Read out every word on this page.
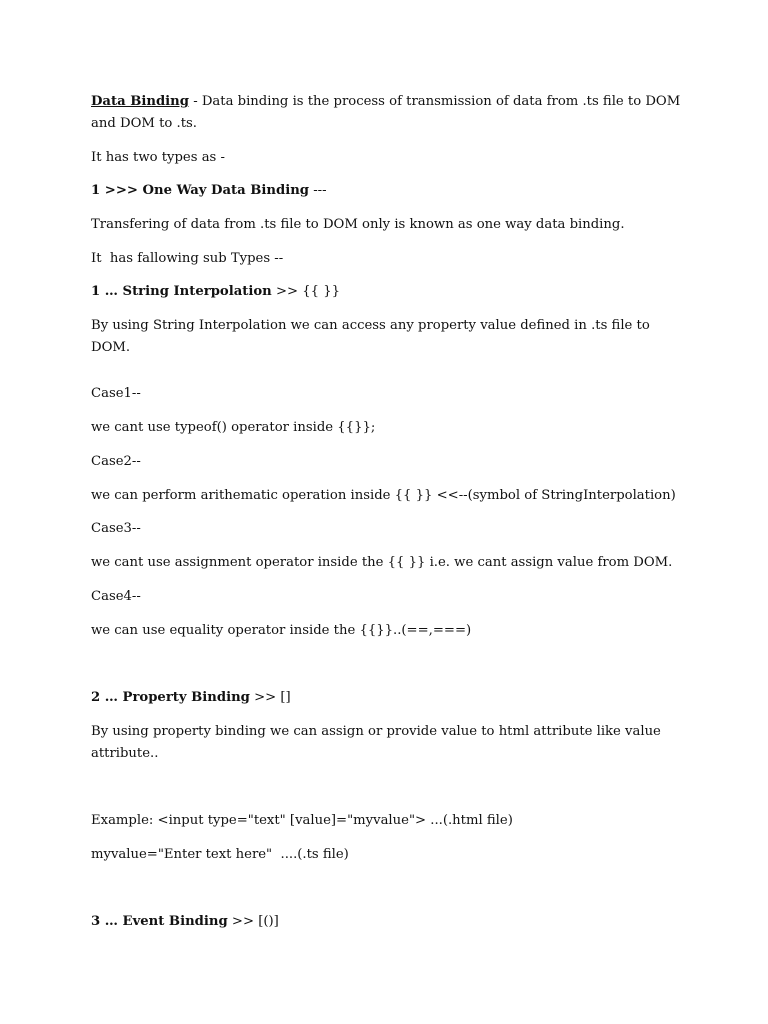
Data Binding - Data binding is the process of transmission of data from .ts file to DOM and DOM to .ts.
It has two types as -
1 >>> One Way Data Binding ---
Transfering of data from .ts file to DOM only is known as one way data binding.
It  has fallowing sub Types --
1 … String Interpolation >> {{ }}
By using String Interpolation we can access any property value defined in .ts file to DOM.
Case1--
we cant use typeof() operator inside {{}};
Case2--
we can perform arithematic operation inside {{ }} <<--(symbol of StringInterpolation)
Case3--
we cant use assignment operator inside the {{ }} i.e. we cant assign value from DOM.
Case4--
we can use equality operator inside the {{}}..(==,===)
2 … Property Binding >> []
By using property binding we can assign or provide value to html attribute like value attribute..
Example: <input type="text" [value]="myvalue"> ...(.html file)
myvalue="Enter text here"  ....(.ts file)
3 … Event Binding >> [()]
